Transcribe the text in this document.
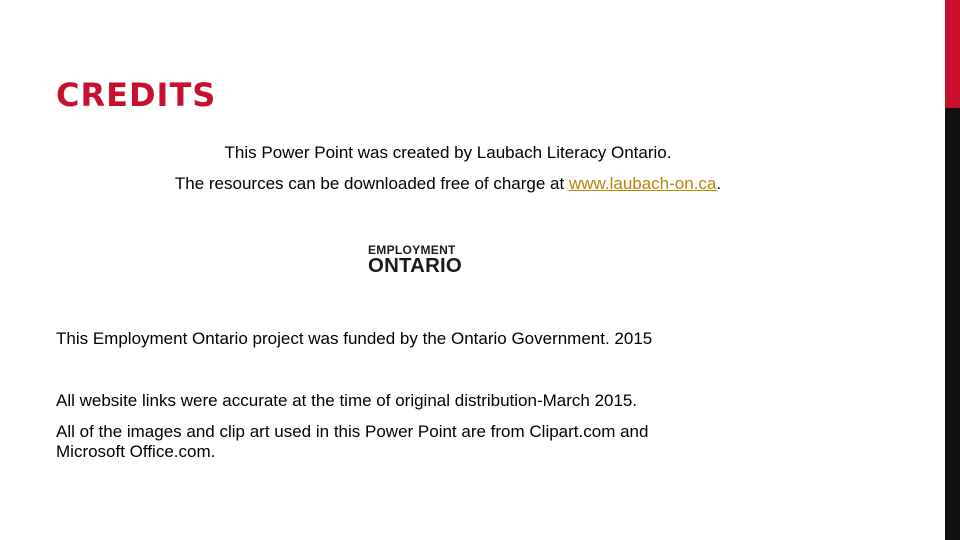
CREDITS
This Power Point was created by Laubach Literacy Ontario.
The resources can be downloaded free of charge at www.laubach-on.ca.
EMPLOYMENT
ONTARIO
This Employment Ontario project was funded by the Ontario Government. 2015
All website links were accurate at the time of original distribution-March 2015.
All of the images and clip art used in this Power Point are from Clipart.com and
Microsoft Office.com.
